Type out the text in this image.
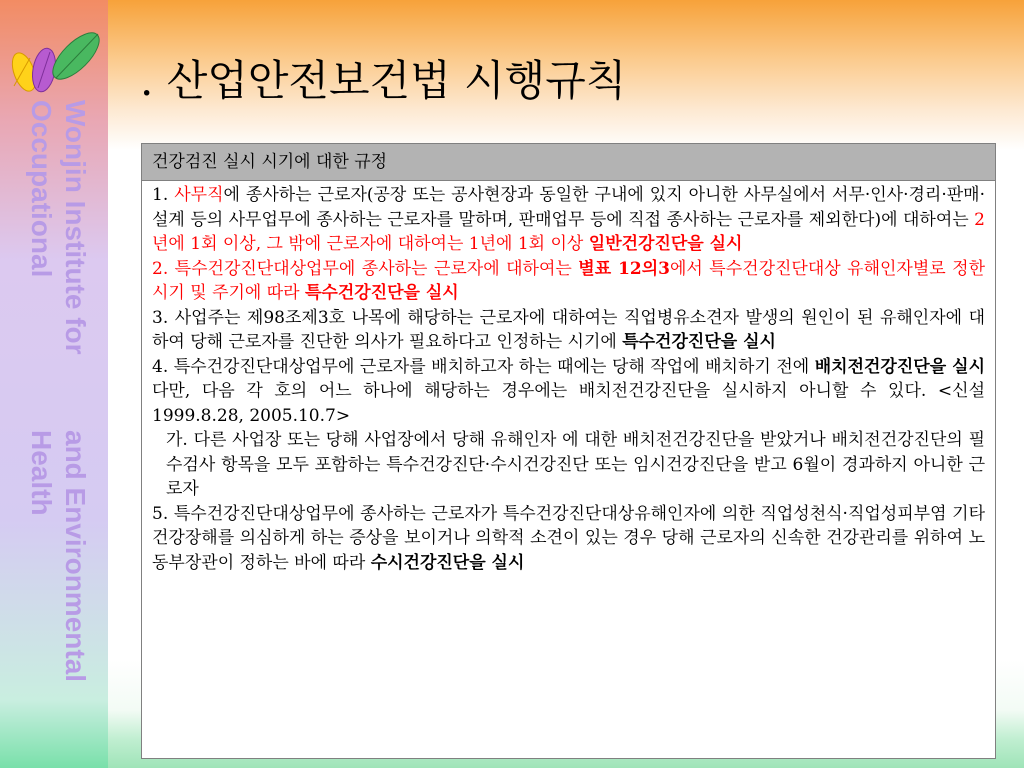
Wonjin Institute for Occupational
and Environmental Health
. 산업안전보건법 시행규칙
건강검진 실시 시기에 대한 규정

1. 사무직에 종사하는 근로자(공장 또는 공사현장과 동일한 구내에 있지 아니한 사무실에서 서무·인사·경리·판매·설계 등의 사무업무에 종사하는 근로자를 말하며, 판매업무 등에 직접 종사하는 근로자를 제외한다)에 대하여는 2년에 1회 이상, 그 밖에 근로자에 대하여는 1년에 1회 이상 일반건강진단을 실시

2. 특수건강진단대상업무에 종사하는 근로자에 대하여는 별표 12의3에서 특수건강진단대상 유해인자별로 정한 시기 및 주기에 따라 특수건강진단을 실시

3. 사업주는 제98조제3호 나목에 해당하는 근로자에 대하여는 직업병유소견자 발생의 원인이 된 유해인자에 대하여 당해 근로자를 진단한 의사가 필요하다고 인정하는 시기에 특수건강진단을 실시

4. 특수건강진단대상업무에 근로자를 배치하고자 하는 때에는 당해 작업에 배치하기 전에 배치전건강진단을 실시 다만, 다음 각 호의 어느 하나에 해당하는 경우에는 배치전건강진단을 실시하지 아니할 수 있다. <신설 1999.8.28, 2005.10.7>

가. 다른 사업장 또는 당해 사업장에서 당해 유해인자 에 대한 배치전건강진단을 받았거나 배치전건강진단의 필수검사 항목을 모두 포함하는 특수건강진단·수시건강진단 또는 임시건강진단을 받고 6월이 경과하지 아니한 근로자

5. 특수건강진단대상업무에 종사하는 근로자가 특수건강진단대상유해인자에 의한 직업성천식·직업성피부염 기타 건강장해를 의심하게 하는 증상을 보이거나 의학적 소견이 있는 경우 당해 근로자의 신속한 건강관리를 위하여 노동부장관이 정하는 바에 따라 수시건강진단을 실시
